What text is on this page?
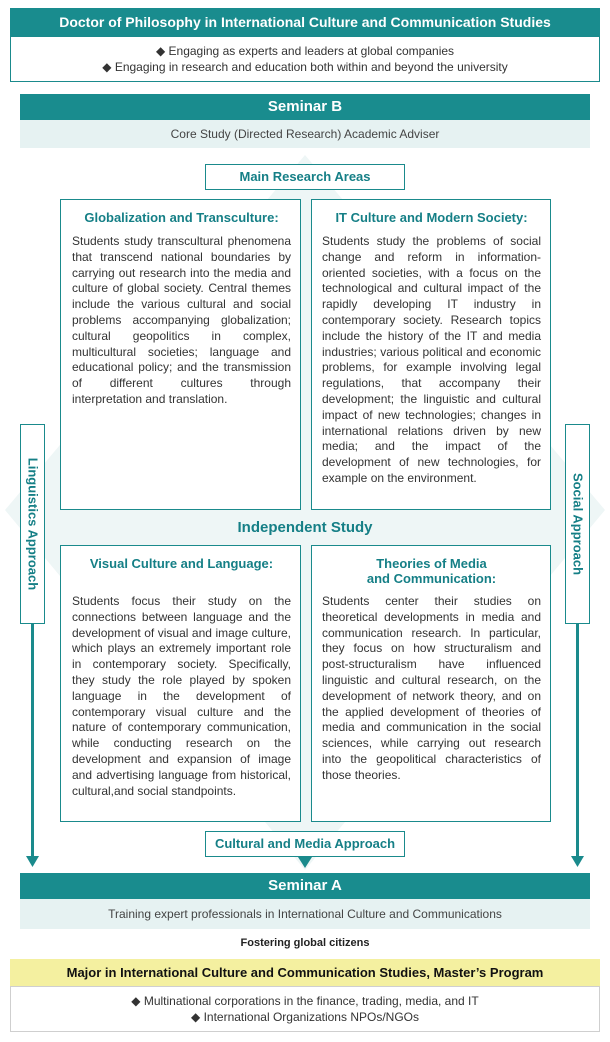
Doctor of Philosophy in International Culture and Communication Studies
◆ Engaging as experts and leaders at global companies
◆ Engaging in research and education both within and beyond the university
Seminar B
Core Study (Directed Research) Academic Adviser
Main Research Areas
Globalization and Transculture:
Students study transcultural phenomena that transcend national boundaries by carrying out research into the media and culture of global society. Central themes include the various cultural and social problems accompanying globalization; cultural geopolitics in complex, multicultural societies; language and educational policy; and the transmission of different cultures through interpretation and translation.
IT Culture and Modern Society:
Students study the problems of social change and reform in information-oriented societies, with a focus on the technological and cultural impact of the rapidly developing IT industry in contemporary society. Research topics include the history of the IT and media industries; various political and economic problems, for example involving legal regulations, that accompany their development; the linguistic and cultural impact of new technologies; changes in international relations driven by new media; and the impact of the development of new technologies, for example on the environment.
Independent Study
Visual Culture and Language:
Students focus their study on the connections between language and the development of visual and image culture, which plays an extremely important role in contemporary society. Specifically, they study the role played by spoken language in the development of contemporary visual culture and the nature of contemporary communication, while conducting research on the development and expansion of image and advertising language from historical, cultural,and social standpoints.
Theories of Media
and Communication:
Students center their studies on theoretical developments in media and communication research. In particular, they focus on how structuralism and post-structuralism have influenced linguistic and cultural research, on the development of network theory, and on the applied development of theories of media and communication in the social sciences, while carrying out research into the geopolitical characteristics of those theories.
Linguistics Approach	Social Approach
Cultural and Media Approach
Seminar A
Training expert professionals in International Culture and Communications
Fostering global citizens
Major in International Culture and Communication Studies, Master’s Program
◆ Multinational corporations in the finance, trading, media, and IT
◆ International Organizations NPOs/NGOs
